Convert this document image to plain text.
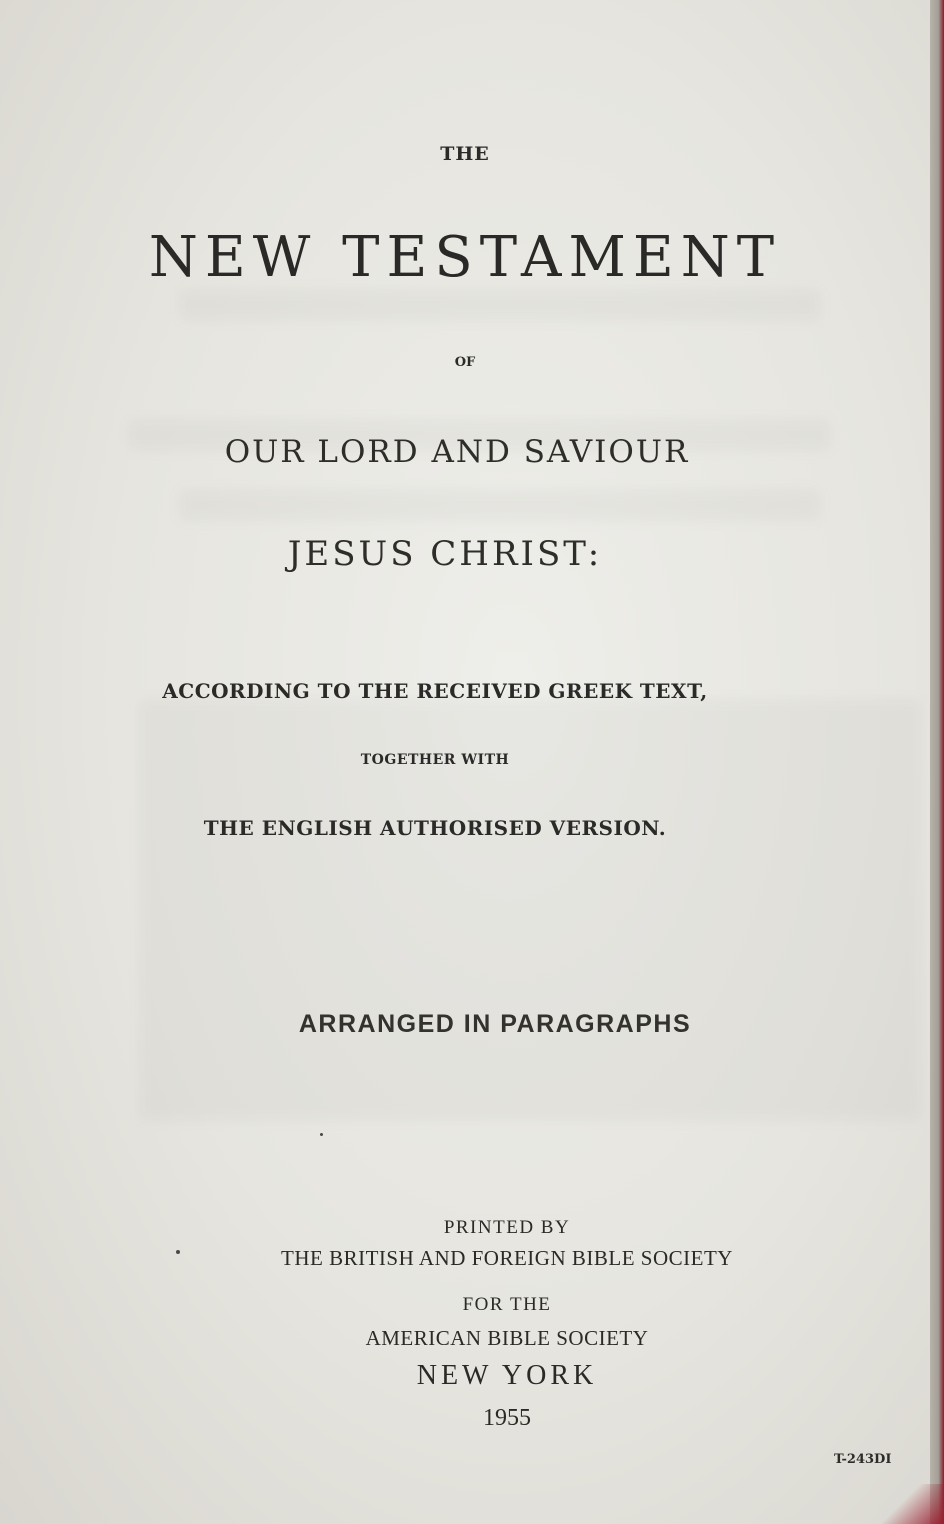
THE
NEW TESTAMENT
OF
OUR LORD AND SAVIOUR
JESUS CHRIST:
ACCORDING TO THE RECEIVED GREEK TEXT,
TOGETHER WITH
THE ENGLISH AUTHORISED VERSION.
ARRANGED IN PARAGRAPHS
PRINTED BY
THE BRITISH AND FOREIGN BIBLE SOCIETY
FOR THE
AMERICAN BIBLE SOCIETY
NEW YORK
1955
T-243DI
